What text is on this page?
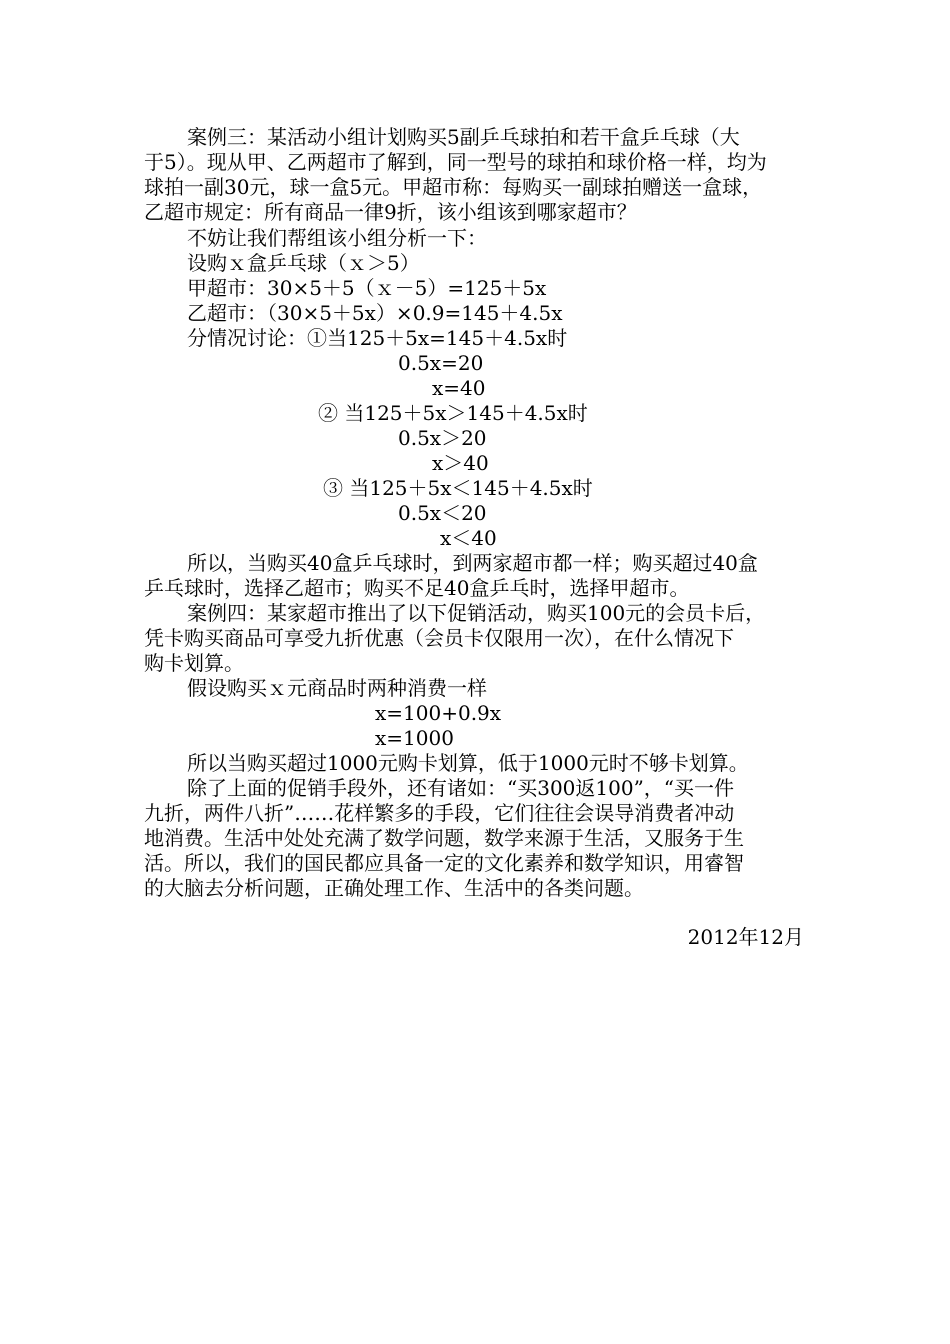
案例三：某活动小组计划购买5副乒乓球拍和若干盒乒乓球（大
于5）。现从甲、乙两超市了解到，同一型号的球拍和球价格一样，均为
球拍一副30元，球一盒5元。甲超市称：每购买一副球拍赠送一盒球，
乙超市规定：所有商品一律9折，该小组该到哪家超市？
不妨让我们帮组该小组分析一下：
设购ｘ盒乒乓球（ｘ＞5）
甲超市：30×5＋5（ｘ－5）=125＋5x
乙超市：（30×5＋5x）×0.9=145＋4.5x
分情况讨论：①当125＋5x=145＋4.5x时
0.5x=20
x=40
② 当125＋5x＞145＋4.5x时
0.5x＞20
x＞40
③ 当125＋5x＜145＋4.5x时
0.5x＜20
x＜40
所以，当购买40盒乒乓球时，到两家超市都一样；购买超过40盒
乒乓球时，选择乙超市；购买不足40盒乒乓时，选择甲超市。
案例四：某家超市推出了以下促销活动，购买100元的会员卡后，
凭卡购买商品可享受九折优惠（会员卡仅限用一次），在什么情况下
购卡划算。
假设购买ｘ元商品时两种消费一样
x=100+0.9x
x=1000
所以当购买超过1000元购卡划算，低于1000元时不够卡划算。
除了上面的促销手段外，还有诸如：“买300返100”，“买一件
九折，两件八折”……花样繁多的手段，它们往往会误导消费者冲动
地消费。生活中处处充满了数学问题，数学来源于生活，又服务于生
活。所以，我们的国民都应具备一定的文化素养和数学知识，用睿智
的大脑去分析问题，正确处理工作、生活中的各类问题。
2012年12月
